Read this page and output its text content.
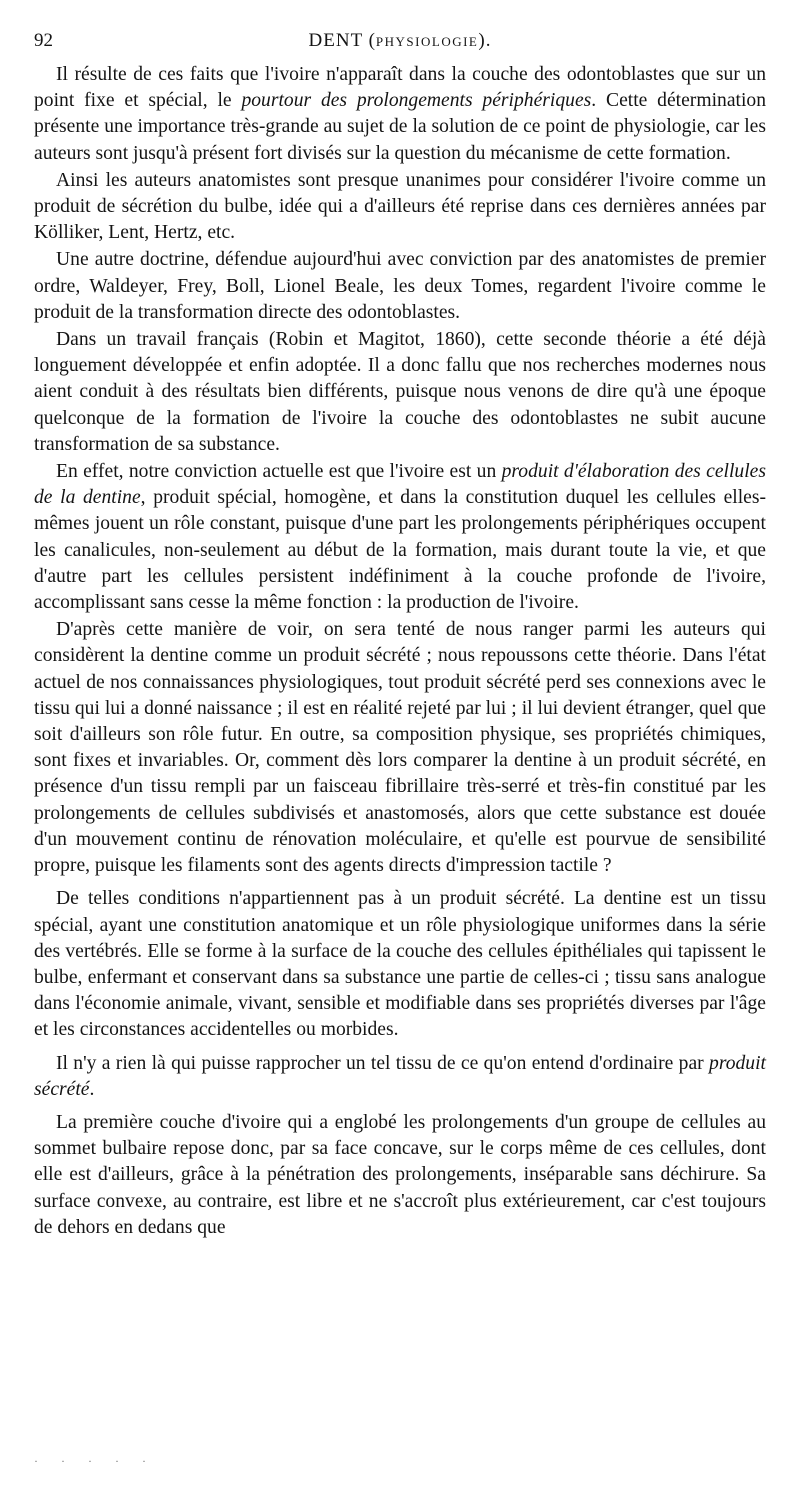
92	DENT (PHYSIOLOGIE).

Il résulte de ces faits que l'ivoire n'apparaît dans la couche des odontoblastes que sur un point fixe et spécial, le pourtour des prolongements périphériques. Cette détermination présente une importance très-grande au sujet de la solution de ce point de physiologie, car les auteurs sont jusqu'à présent fort divisés sur la question du mécanisme de cette formation.

Ainsi les auteurs anatomistes sont presque unanimes pour considérer l'ivoire comme un produit de sécrétion du bulbe, idée qui a d'ailleurs été reprise dans ces dernières années par Kölliker, Lent, Hertz, etc.

Une autre doctrine, défendue aujourd'hui avec conviction par des anatomistes de premier ordre, Waldeyer, Frey, Boll, Lionel Beale, les deux Tomes, regardent l'ivoire comme le produit de la transformation directe des odontoblastes.

Dans un travail français (Robin et Magitot, 1860), cette seconde théorie a été déjà longuement développée et enfin adoptée. Il a donc fallu que nos recherches modernes nous aient conduit à des résultats bien différents, puisque nous venons de dire qu'à une époque quelconque de la formation de l'ivoire la couche des odontoblastes ne subit aucune transformation de sa substance.

En effet, notre conviction actuelle est que l'ivoire est un produit d'élaboration des cellules de la dentine, produit spécial, homogène, et dans la constitution duquel les cellules elles-mêmes jouent un rôle constant, puisque d'une part les prolongements périphériques occupent les canalicules, non-seulement au début de la formation, mais durant toute la vie, et que d'autre part les cellules persistent indéfiniment à la couche profonde de l'ivoire, accomplissant sans cesse la même fonction : la production de l'ivoire.

D'après cette manière de voir, on sera tenté de nous ranger parmi les auteurs qui considèrent la dentine comme un produit sécrété ; nous repoussons cette théorie. Dans l'état actuel de nos connaissances physiologiques, tout produit sécrété perd ses connexions avec le tissu qui lui a donné naissance ; il est en réalité rejeté par lui ; il lui devient étranger, quel que soit d'ailleurs son rôle futur. En outre, sa composition physique, ses propriétés chimiques, sont fixes et invariables. Or, comment dès lors comparer la dentine à un produit sécrété, en présence d'un tissu rempli par un faisceau fibrillaire très-serré et très-fin constitué par les prolongements de cellules subdivisés et anastomosés, alors que cette substance est douée d'un mouvement continu de rénovation moléculaire, et qu'elle est pourvue de sensibilité propre, puisque les filaments sont des agents directs d'impression tactile ?

De telles conditions n'appartiennent pas à un produit sécrété. La dentine est un tissu spécial, ayant une constitution anatomique et un rôle physiologique uniformes dans la série des vertébrés. Elle se forme à la surface de la couche des cellules épithéliales qui tapissent le bulbe, enfermant et conservant dans sa substance une partie de celles-ci ; tissu sans analogue dans l'économie animale, vivant, sensible et modifiable dans ses propriétés diverses par l'âge et les circonstances accidentelles ou morbides.

Il n'y a rien là qui puisse rapprocher un tel tissu de ce qu'on entend d'ordinaire par produit sécrété.

La première couche d'ivoire qui a englobé les prolongements d'un groupe de cellules au sommet bulbaire repose donc, par sa face concave, sur le corps même de ces cellules, dont elle est d'ailleurs, grâce à la pénétration des prolongements, inséparable sans déchirure. Sa surface convexe, au contraire, est libre et ne s'accroît plus extérieurement, car c'est toujours de dehors en dedans que

· · · · ·
